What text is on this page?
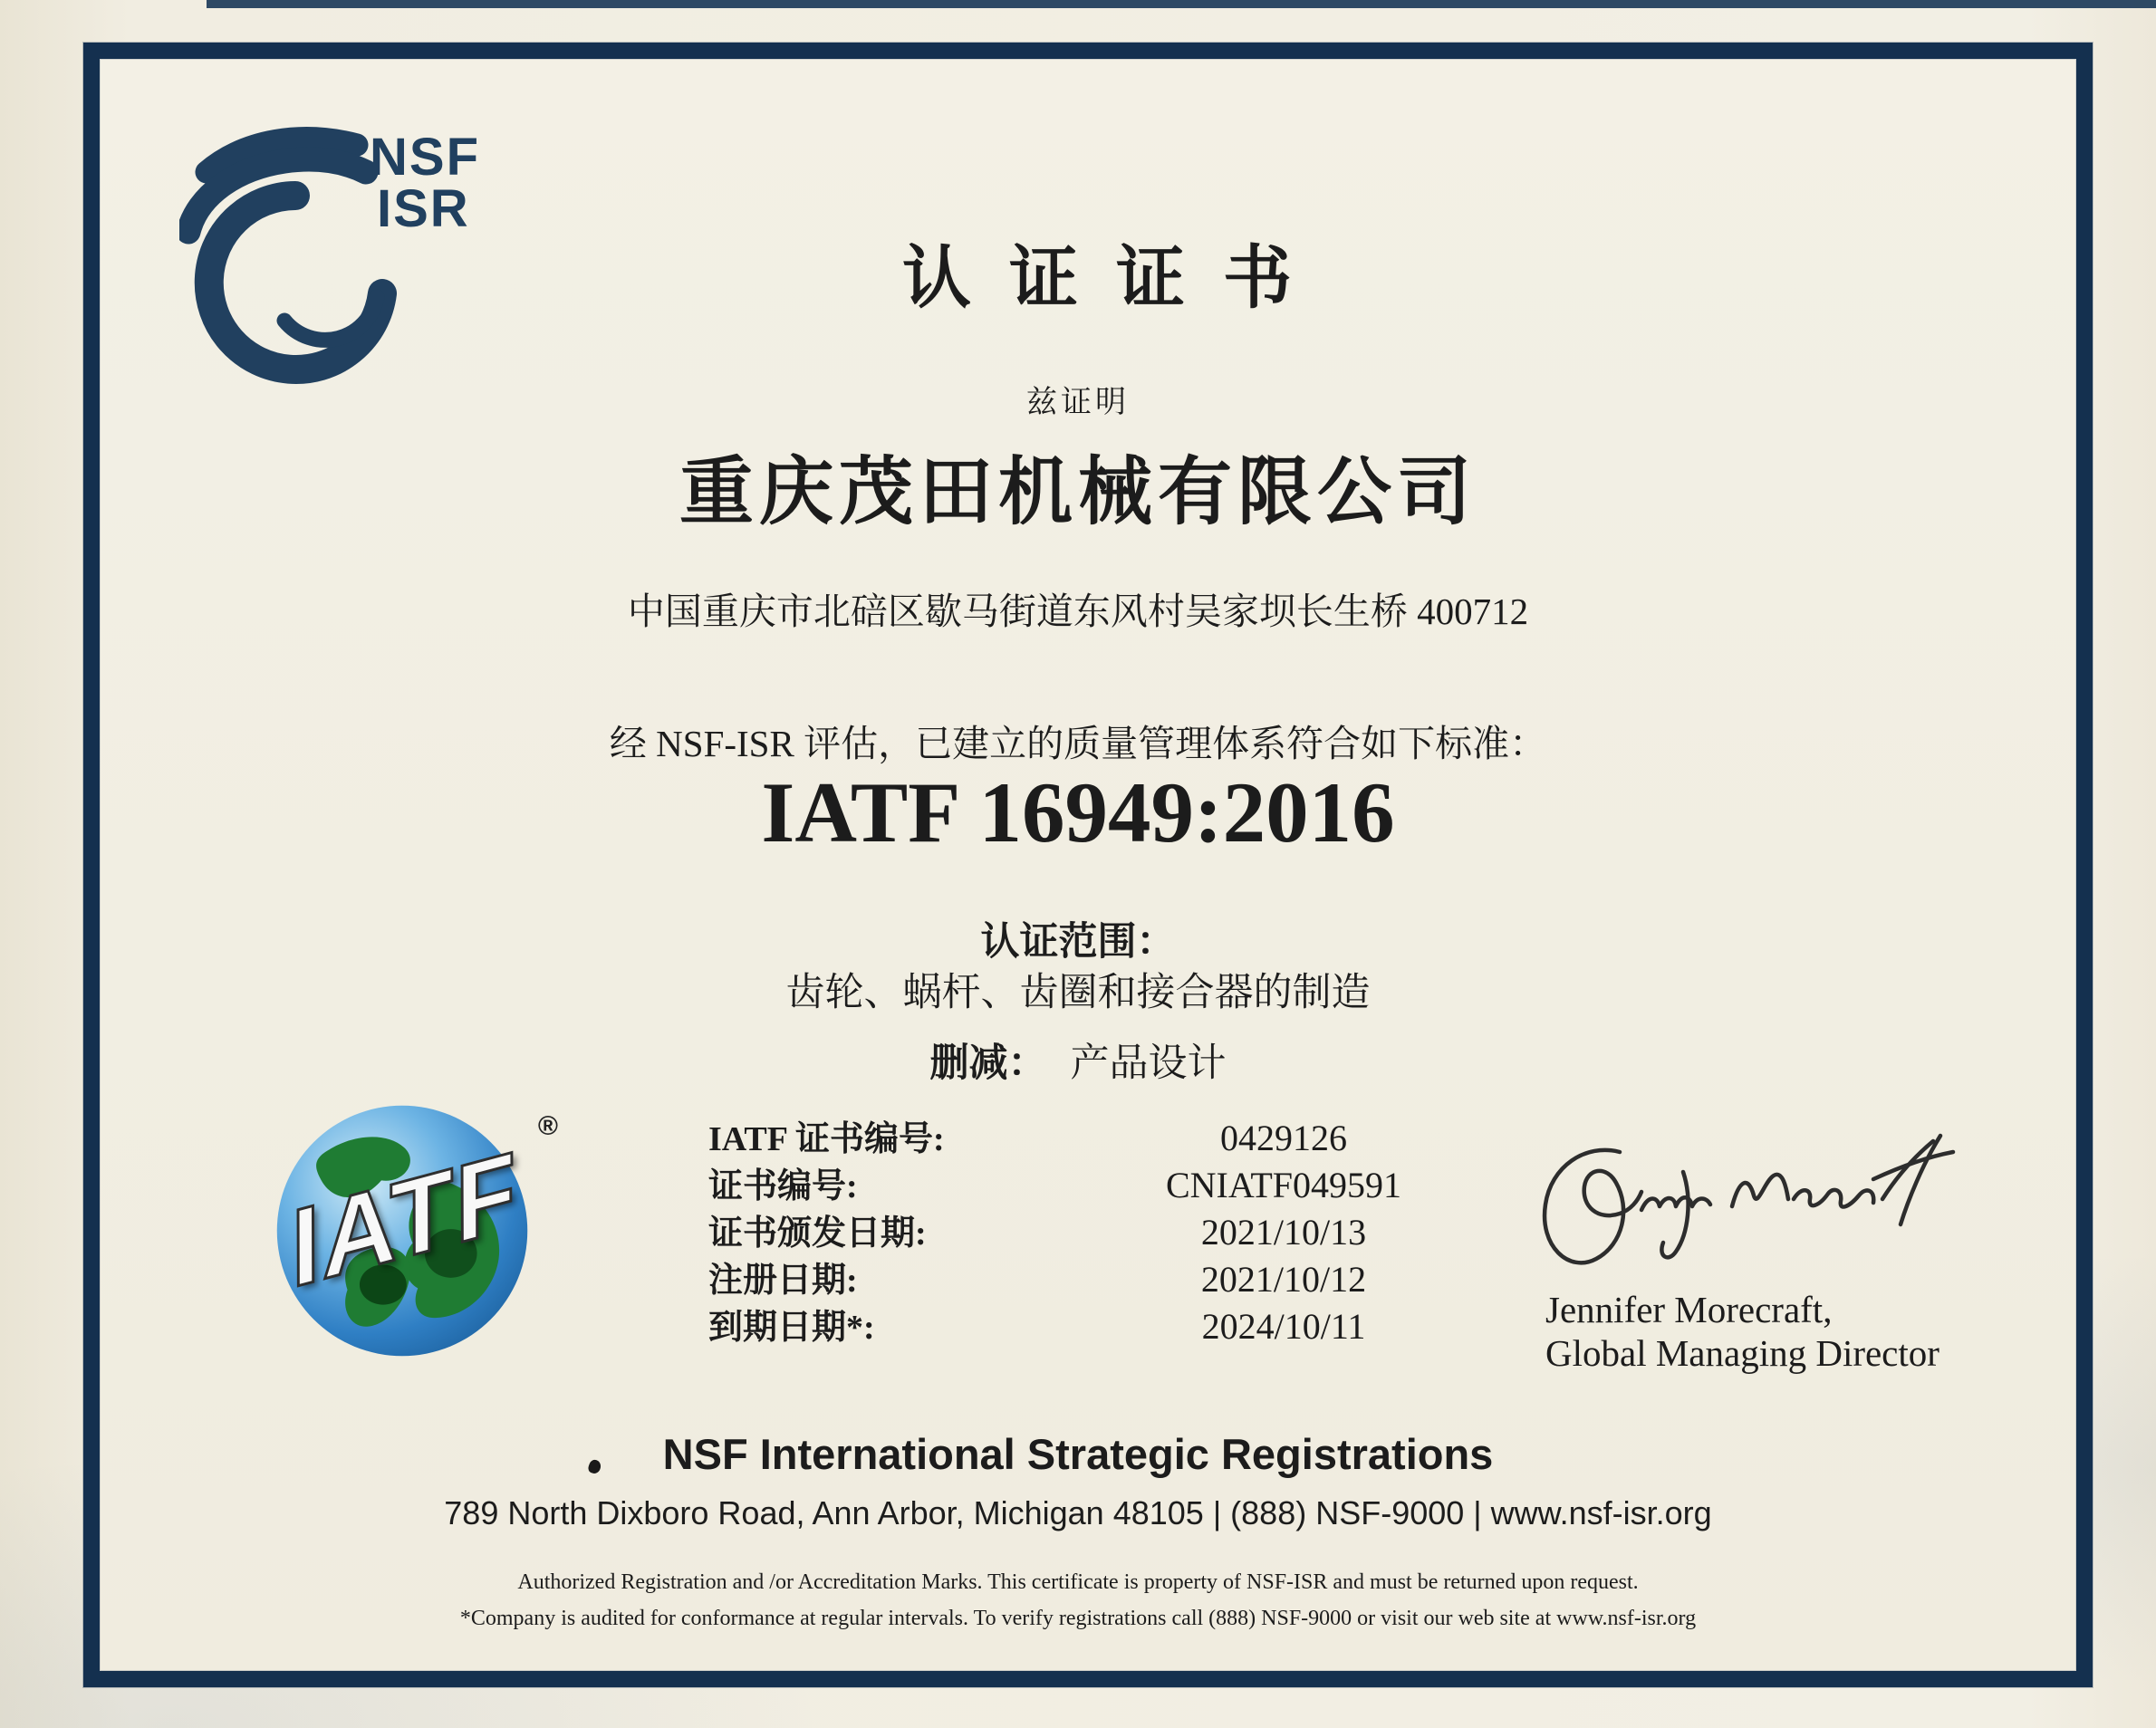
NSF
ISR
认证证书
兹证明
重庆茂田机械有限公司
中国重庆市北碚区歇马街道东风村吴家坝长生桥 400712
经 NSF-ISR 评估，已建立的质量管理体系符合如下标准：
IATF 16949:2016
认证范围：
齿轮、蜗杆、齿圈和接合器的制造
删减： 产品设计
IATF 证书编号:	0429126
证书编号:	CNIATF049591
证书颁发日期:	2021/10/13
注册日期:	2021/10/12
到期日期*:	2024/10/11
IATF
®
Jennifer Morecraft,
Global Managing Director
NSF International Strategic Registrations
789 North Dixboro Road, Ann Arbor, Michigan 48105 | (888) NSF-9000 | www.nsf-isr.org
Authorized Registration and /or Accreditation Marks. This certificate is property of NSF-ISR and must be returned upon request.
*Company is audited for conformance at regular intervals. To verify registrations call (888) NSF-9000 or visit our web site at www.nsf-isr.org
